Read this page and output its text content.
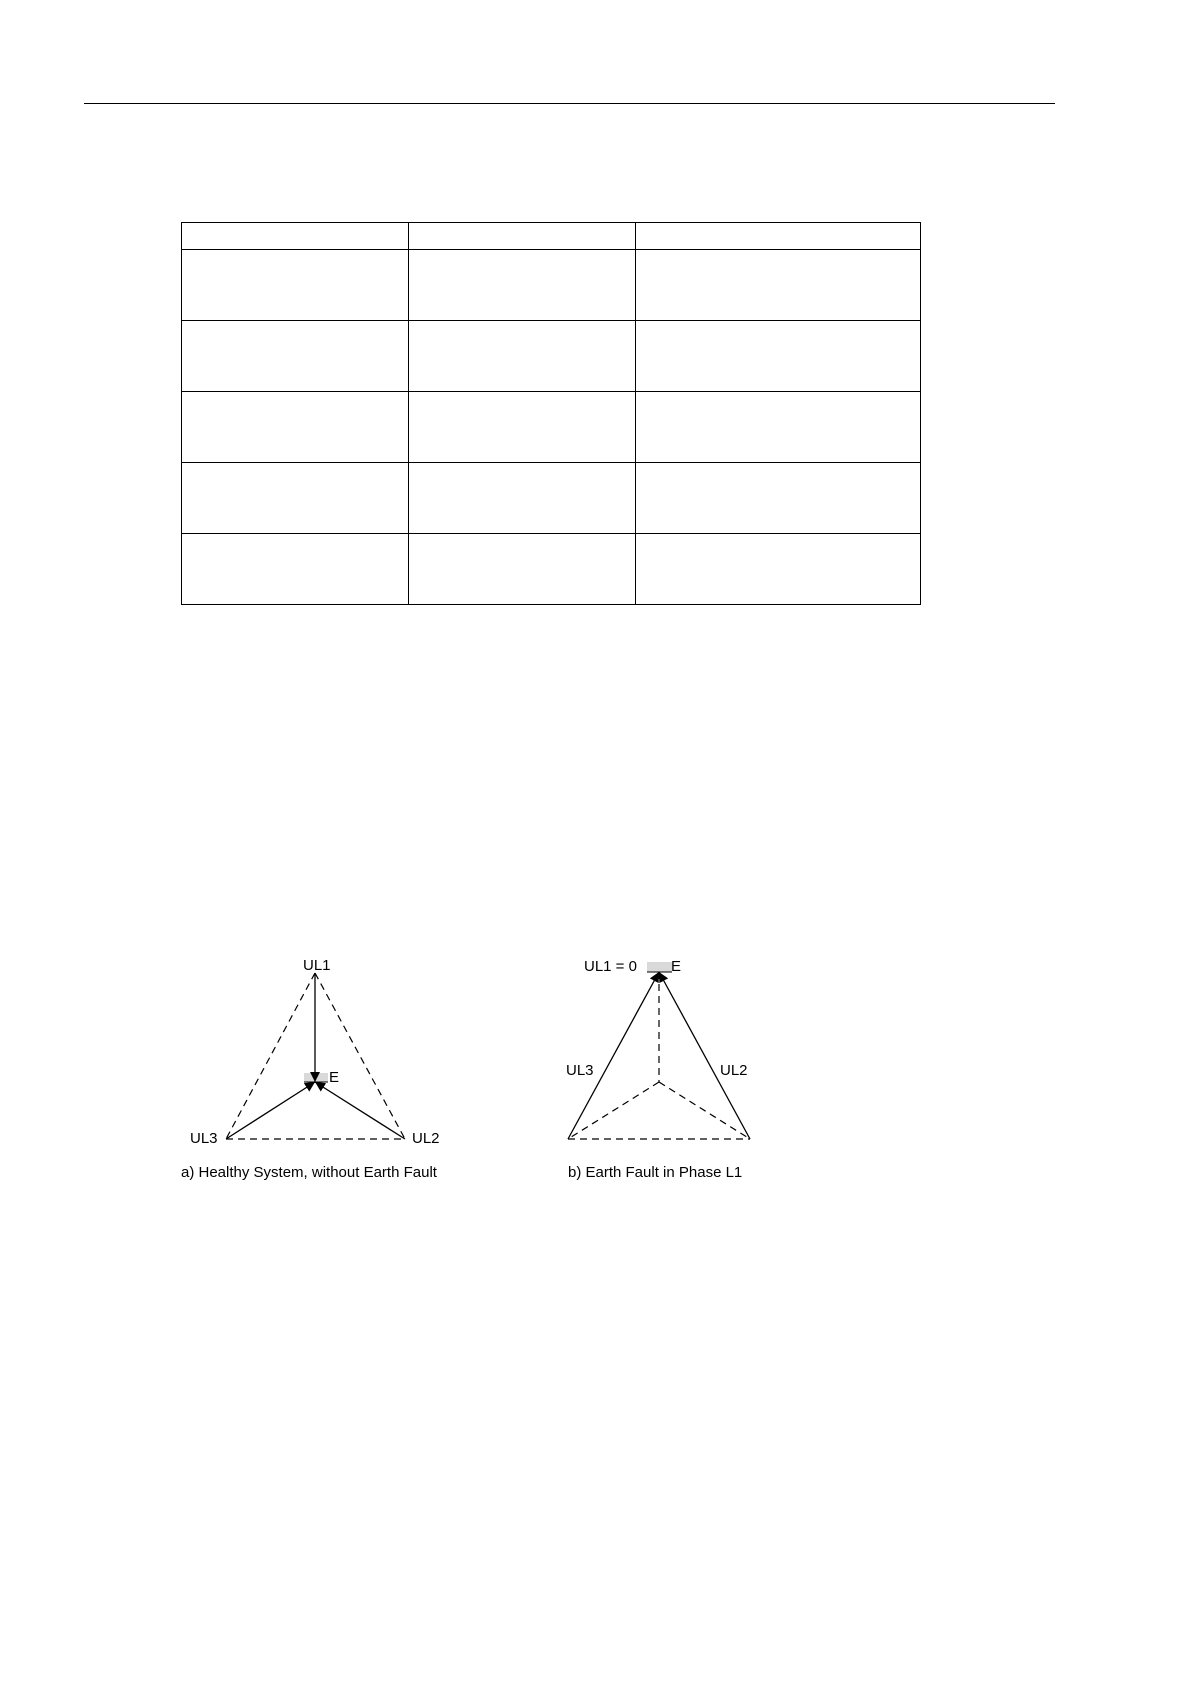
UL1
E
UL3	UL2
a) Healthy System, without Earth Fault
UL1 = 0 E
UL3	UL2
b) Earth Fault in Phase L1
